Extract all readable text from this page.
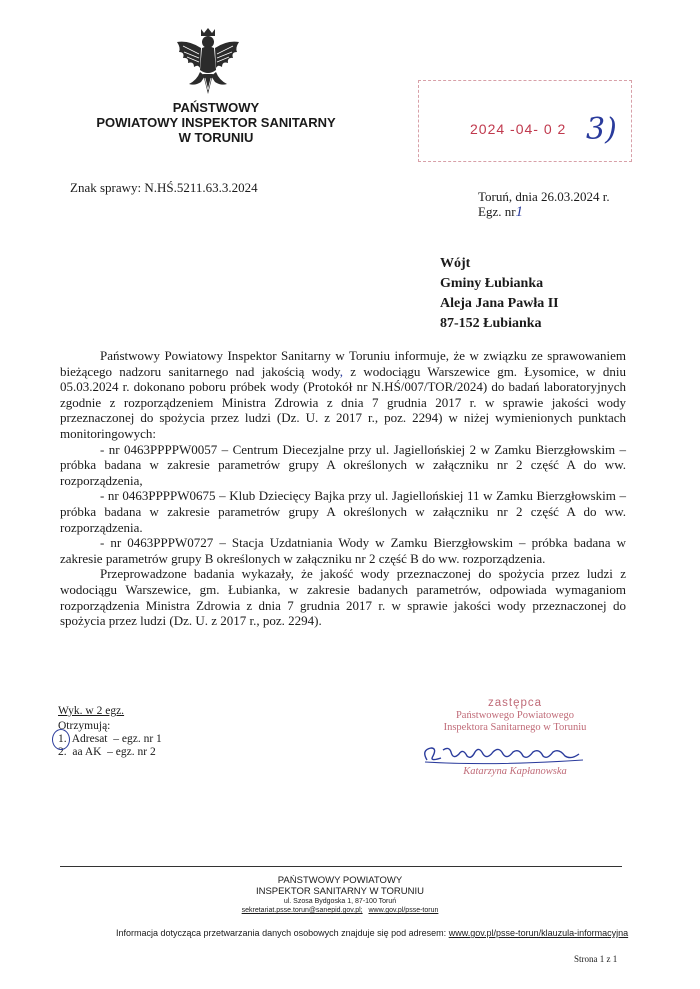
PAŃSTWOWY
POWIATOWY INSPEKTOR SANITARNY
W TORUNIU
2024 -04- 0 2 3)
Znak sprawy: N.HŚ.5211.63.3.2024
Toruń, dnia 26.03.2024 r.
Egz. nr1
Wójt
Gminy Łubianka
Aleja Jana Pawła II
87-152 Łubianka

Państwowy Powiatowy Inspektor Sanitarny w Toruniu informuje, że w związku ze sprawowaniem bieżącego nadzoru sanitarnego nad jakością wody, z wodociągu Warszewice gm. Łysomice, w dniu 05.03.2024 r. dokonano poboru próbek wody (Protokół nr N.HŚ/007/TOR/2024) do badań laboratoryjnych zgodnie z rozporządzeniem Ministra Zdrowia z dnia 7 grudnia 2017 r. w sprawie jakości wody przeznaczonej do spożycia przez ludzi (Dz. U. z 2017 r., poz. 2294) w niżej wymienionych punktach monitoringowych:

- nr 0463PPPPW0057 – Centrum Diecezjalne przy ul. Jagiellońskiej 2 w Zamku Bierzgłowskim – próbka badana w zakresie parametrów grupy A określonych w załączniku nr 2 część A do ww. rozporządzenia,

- nr 0463PPPPW0675 – Klub Dziecięcy Bajka przy ul. Jagiellońskiej 11 w Zamku Bierzgłowskim – próbka badana w zakresie parametrów grupy A określonych w załączniku nr 2 część A do ww. rozporządzenia.

- nr 0463PPPW0727 – Stacja Uzdatniania Wody w Zamku Bierzgłowskim – próbka badana w zakresie parametrów grupy B określonych w załączniku nr 2 część B do ww. rozporządzenia.

Przeprowadzone badania wykazały, że jakość wody przeznaczonej do spożycia przez ludzi z wodociągu Warszewice, gm. Łubianka, w zakresie badanych parametrów, odpowiada wymaganiom rozporządzenia Ministra Zdrowia z dnia 7 grudnia 2017 r. w sprawie jakości wody przeznaczonej do spożycia przez ludzi (Dz. U. z 2017 r., poz. 2294).

Wyk. w 2 egz.
Otrzymują:
1.  Adresat  – egz. nr 1
2.  aa AK  – egz. nr 2
zastępca
Państwowego Powiatowego
Inspektora Sanitarnego w Toruniu
Katarzyna Kapłanowska
PAŃSTWOWY POWIATOWY
INSPEKTOR SANITARNY W TORUNIU
ul. Szosa Bydgoska 1, 87-100 Toruń
sekretariat.psse.torun@sanepid.gov.pl; www.gov.pl/psse-torun
Informacja dotycząca przetwarzania danych osobowych znajduje się pod adresem: www.gov.pl/psse-torun/klauzula-informacyjna
Strona 1 z 1
